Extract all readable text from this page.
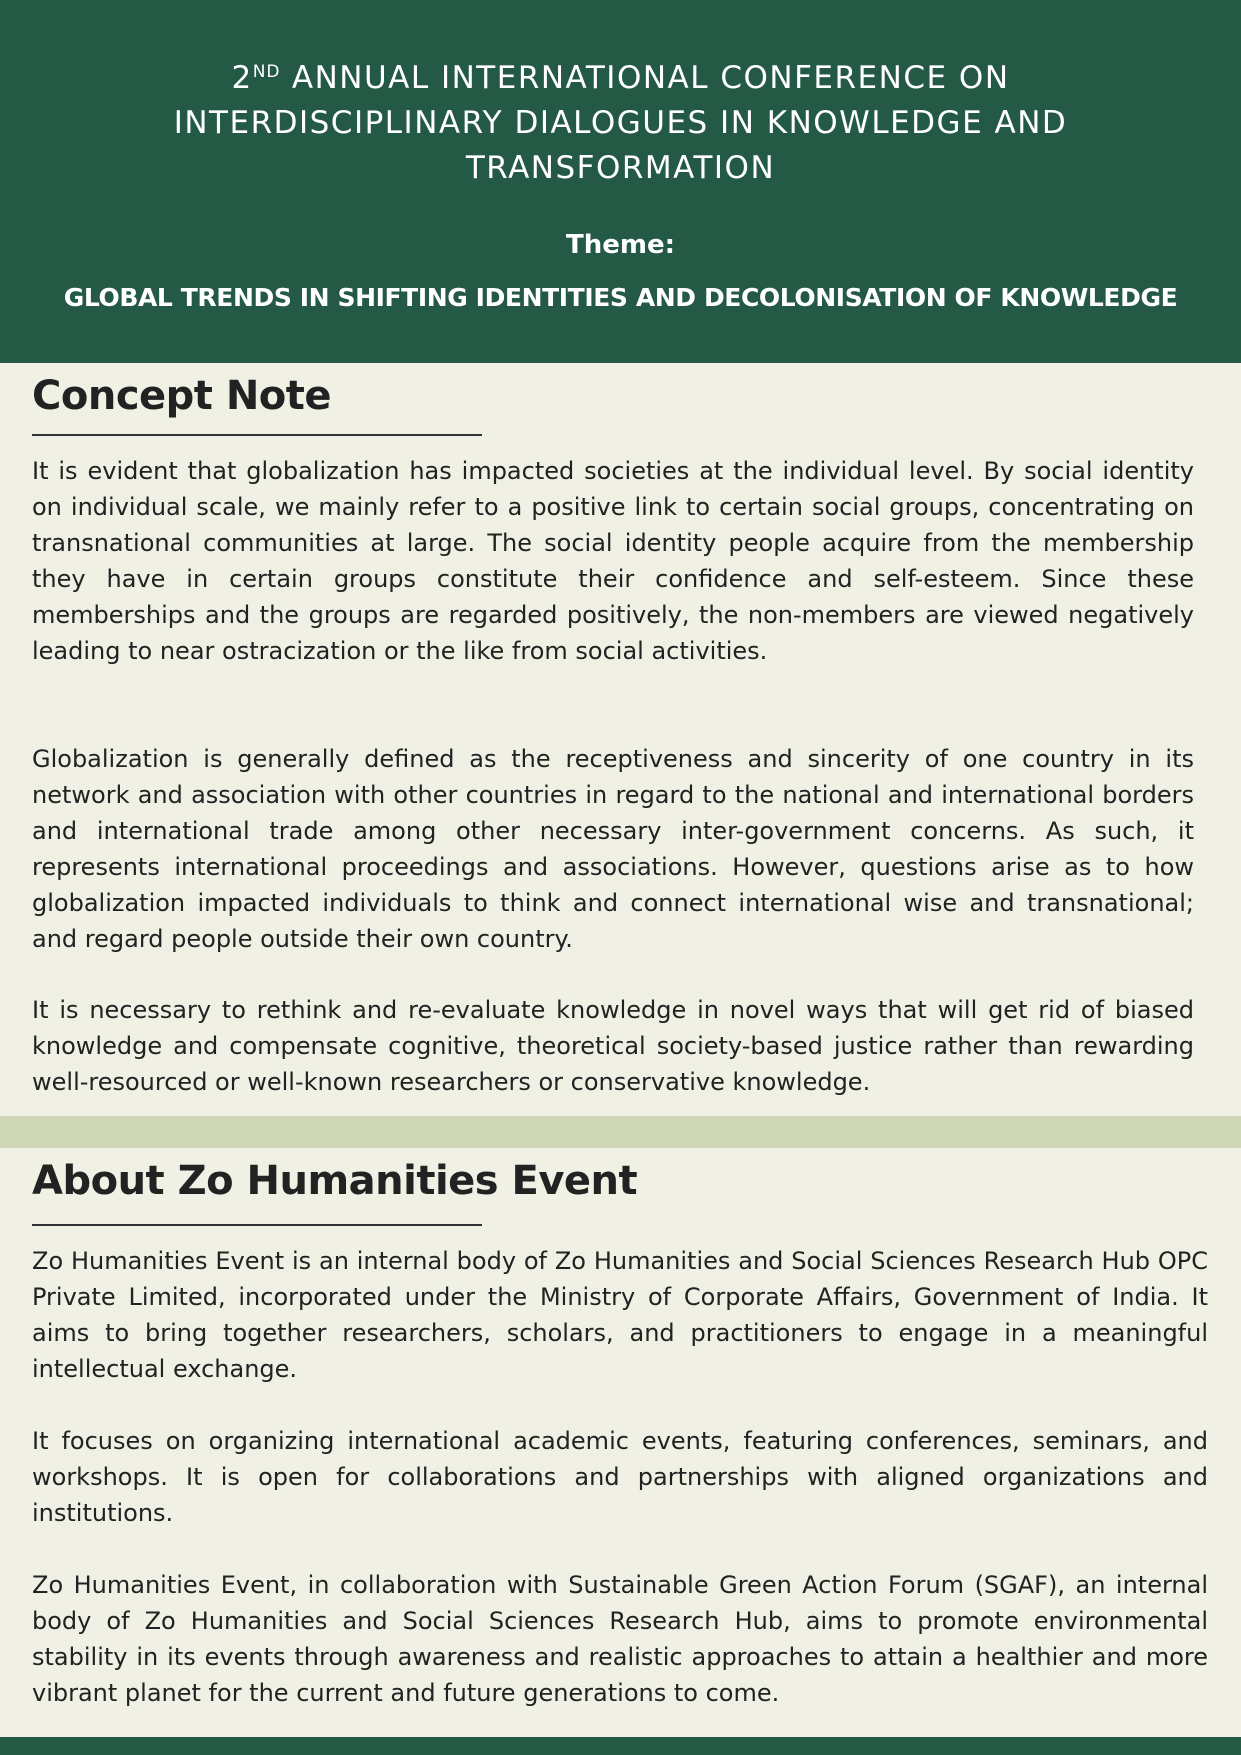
2ND ANNUAL INTERNATIONAL CONFERENCE ON INTERDISCIPLINARY DIALOGUES IN KNOWLEDGE AND TRANSFORMATION
Theme:
GLOBAL TRENDS IN SHIFTING IDENTITIES AND DECOLONISATION OF KNOWLEDGE
Concept Note

It is evident that globalization has impacted societies at the individual level. By social identity on individual scale, we mainly refer to a positive link to certain social groups, concentrating on transnational communities at large. The social identity people acquire from the membership they have in certain groups constitute their confidence and self-esteem. Since these memberships and the groups are regarded positively, the non-members are viewed negatively leading to near ostracization or the like from social activities.

Globalization is generally defined as the receptiveness and sincerity of one country in its network and association with other countries in regard to the national and international borders and international trade among other necessary inter-government concerns. As such, it represents international proceedings and associations. However, questions arise as to how globalization impacted individuals to think and connect international wise and transnational; and regard people outside their own country.

It is necessary to rethink and re-evaluate knowledge in novel ways that will get rid of biased knowledge and compensate cognitive, theoretical society-based justice rather than rewarding well-resourced or well-known researchers or conservative knowledge.

About Zo Humanities Event

Zo Humanities Event is an internal body of Zo Humanities and Social Sciences Research Hub OPC Private Limited, incorporated under the Ministry of Corporate Affairs, Government of India. It aims to bring together researchers, scholars, and practitioners to engage in a meaningful intellectual exchange.

It focuses on organizing international academic events, featuring conferences, seminars, and workshops. It is open for collaborations and partnerships with aligned organizations and institutions.

Zo Humanities Event, in collaboration with Sustainable Green Action Forum (SGAF), an internal body of Zo Humanities and Social Sciences Research Hub, aims to promote environmental stability in its events through awareness and realistic approaches to attain a healthier and more vibrant planet for the current and future generations to come.
